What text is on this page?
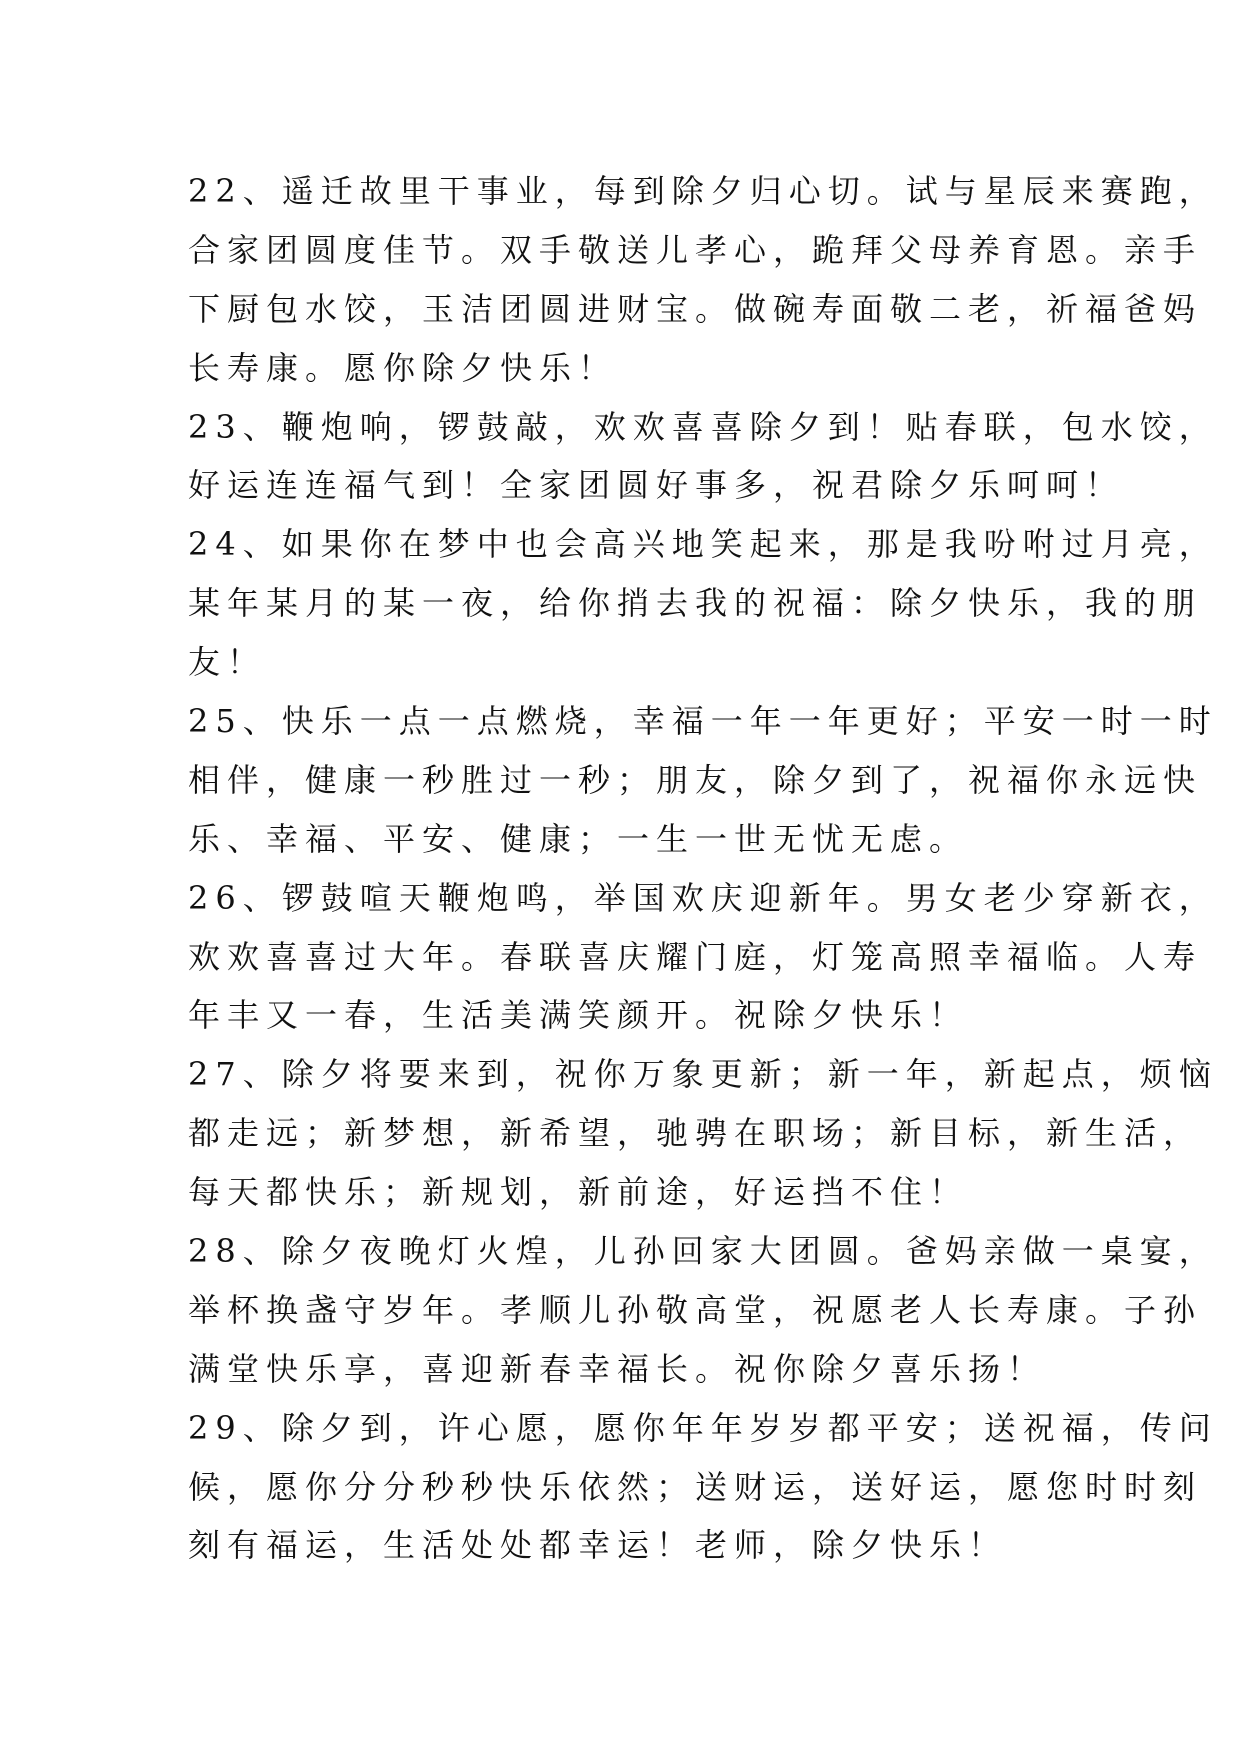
22、遥迁故里干事业，每到除夕归心切。试与星辰来赛跑，
合家团圆度佳节。双手敬送儿孝心，跪拜父母养育恩。亲手
下厨包水饺，玉洁团圆进财宝。做碗寿面敬二老，祈福爸妈
长寿康。愿你除夕快乐！
23、鞭炮响，锣鼓敲，欢欢喜喜除夕到！贴春联，包水饺，
好运连连福气到！全家团圆好事多，祝君除夕乐呵呵！
24、如果你在梦中也会高兴地笑起来，那是我吩咐过月亮，
某年某月的某一夜，给你捎去我的祝福：除夕快乐，我的朋
友！
25、快乐一点一点燃烧，幸福一年一年更好；平安一时一时
相伴，健康一秒胜过一秒；朋友，除夕到了，祝福你永远快
乐、幸福、平安、健康；一生一世无忧无虑。
26、锣鼓喧天鞭炮鸣，举国欢庆迎新年。男女老少穿新衣，
欢欢喜喜过大年。春联喜庆耀门庭，灯笼高照幸福临。人寿
年丰又一春，生活美满笑颜开。祝除夕快乐！
27、除夕将要来到，祝你万象更新；新一年，新起点，烦恼
都走远；新梦想，新希望，驰骋在职场；新目标，新生活，
每天都快乐；新规划，新前途，好运挡不住！
28、除夕夜晚灯火煌，儿孙回家大团圆。爸妈亲做一桌宴，
举杯换盏守岁年。孝顺儿孙敬高堂，祝愿老人长寿康。子孙
满堂快乐享，喜迎新春幸福长。祝你除夕喜乐扬！
29、除夕到，许心愿，愿你年年岁岁都平安；送祝福，传问
候，愿你分分秒秒快乐依然；送财运，送好运，愿您时时刻
刻有福运，生活处处都幸运！老师，除夕快乐！
